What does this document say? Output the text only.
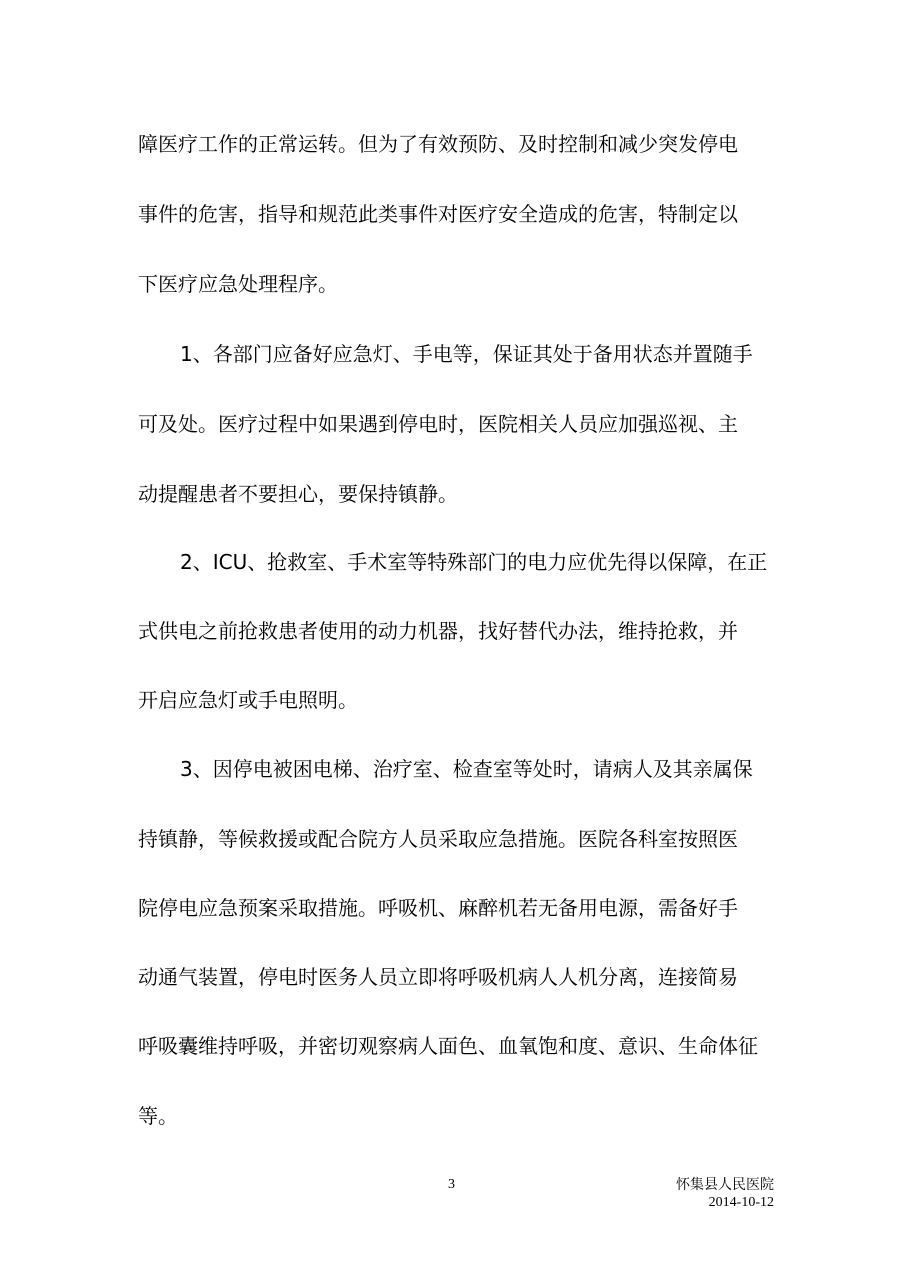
障医疗工作的正常运转。但为了有效预防、及时控制和减少突发停电
事件的危害，指导和规范此类事件对医疗安全造成的危害，特制定以
下医疗应急处理程序。
1、各部门应备好应急灯、手电等，保证其处于备用状态并置随手
可及处。医疗过程中如果遇到停电时，医院相关人员应加强巡视、主
动提醒患者不要担心，要保持镇静。
2、ICU、抢救室、手术室等特殊部门的电力应优先得以保障，在正
式供电之前抢救患者使用的动力机器，找好替代办法，维持抢救，并
开启应急灯或手电照明。
3、因停电被困电梯、治疗室、检查室等处时，请病人及其亲属保
持镇静，等候救援或配合院方人员采取应急措施。医院各科室按照医
院停电应急预案采取措施。呼吸机、麻醉机若无备用电源，需备好手
动通气装置，停电时医务人员立即将呼吸机病人人机分离，连接简易
呼吸囊维持呼吸，并密切观察病人面色、血氧饱和度、意识、生命体征
等。
3	怀集县人民医院
2014-10-12
